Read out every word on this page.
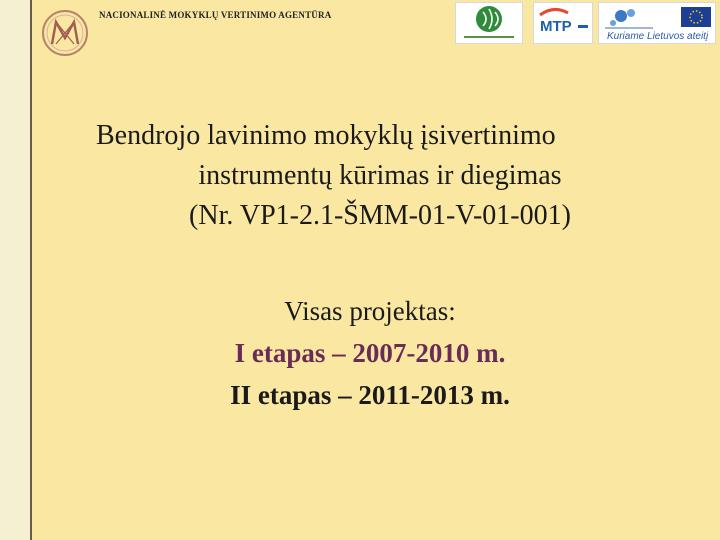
NACIONALINĖ MOKYKLŲ VERTINIMO AGENTŪRA
MTP
Kuriame Lietuvos ateitį
Bendrojo lavinimo mokyklų įsivertinimo
instrumentų kūrimas ir diegimas
(Nr. VP1-2.1-ŠMM-01-V-01-001)
Visas projektas:
I etapas – 2007-2010 m.
II etapas – 2011-2013 m.
